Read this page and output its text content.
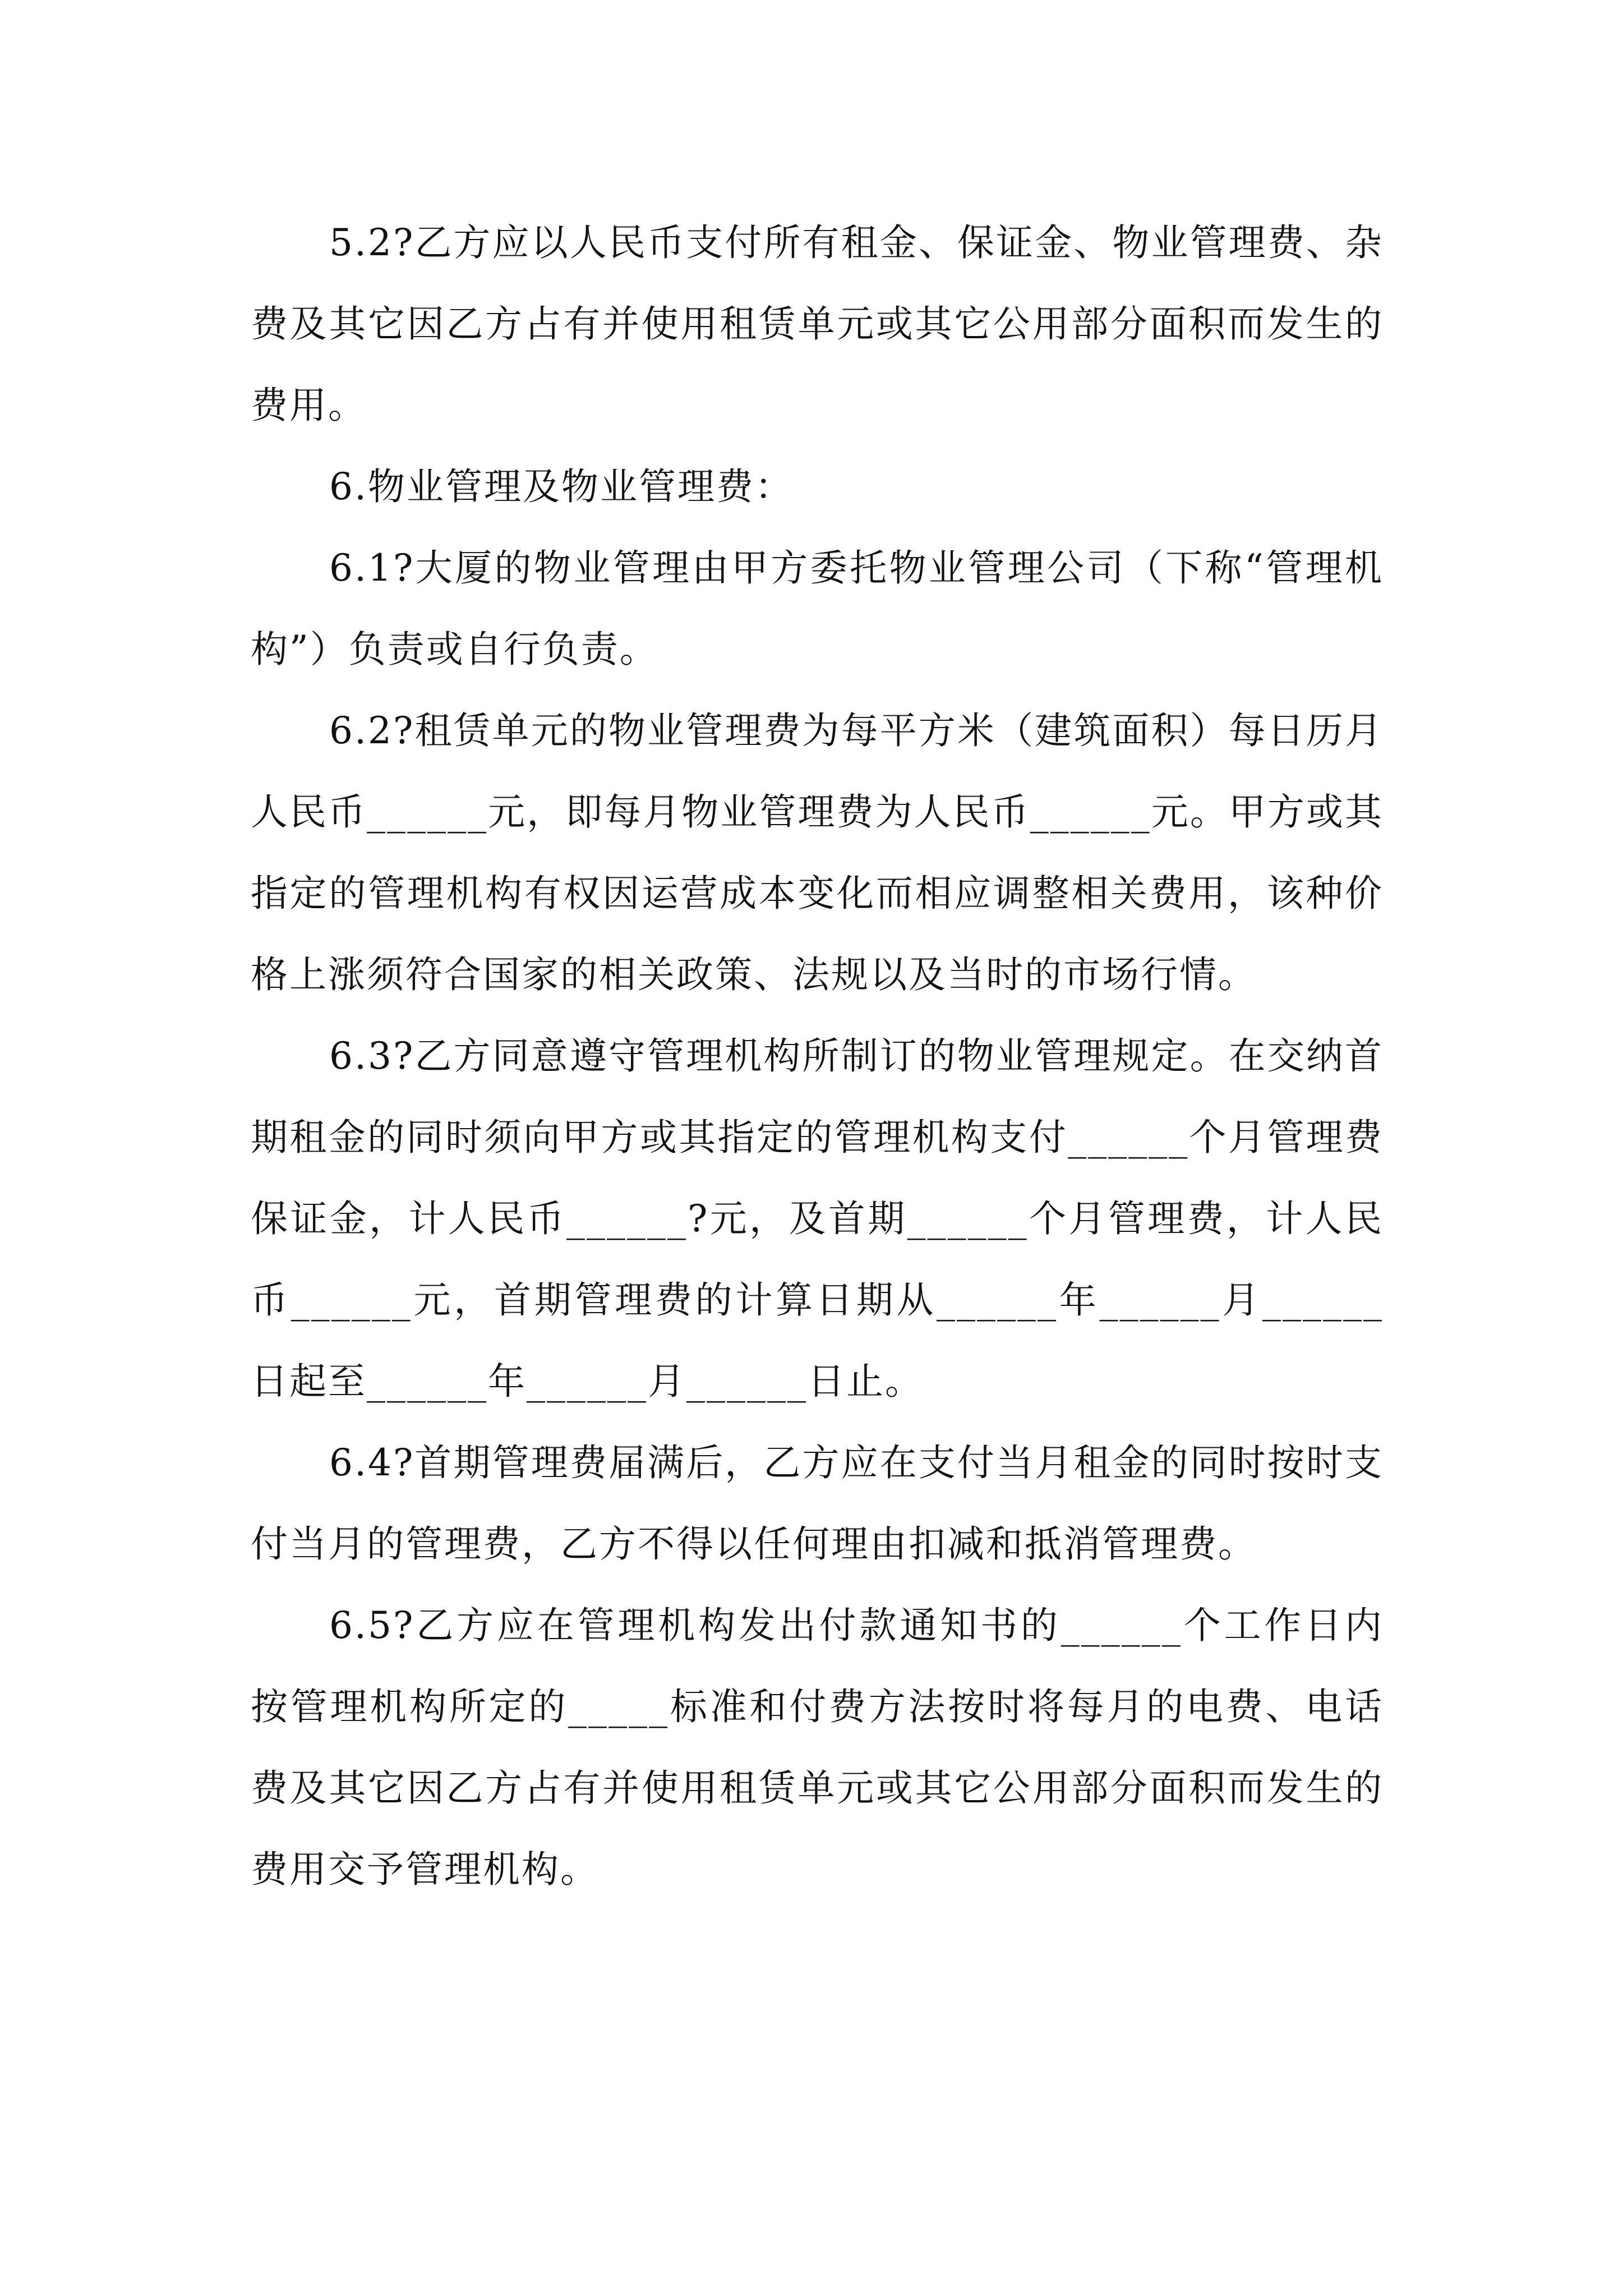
5.2?乙方应以人民币支付所有租金、保证金、物业管理费、杂费及其它因乙方占有并使用租赁单元或其它公用部分面积而发生的费用。

6.物业管理及物业管理费：

6.1?大厦的物业管理由甲方委托物业管理公司（下称“管理机构”）负责或自行负责。

6.2?租赁单元的物业管理费为每平方米（建筑面积）每日历月人民币______元，即每月物业管理费为人民币______元。甲方或其指定的管理机构有权因运营成本变化而相应调整相关费用，该种价格上涨须符合国家的相关政策、法规以及当时的市场行情。

6.3?乙方同意遵守管理机构所制订的物业管理规定。在交纳首期租金的同时须向甲方或其指定的管理机构支付______个月管理费保证金，计人民币______?元，及首期______个月管理费，计人民币______元，首期管理费的计算日期从______年______月______日起至______年______月______日止。

6.4?首期管理费届满后，乙方应在支付当月租金的同时按时支付当月的管理费，乙方不得以任何理由扣减和抵消管理费。

6.5?乙方应在管理机构发出付款通知书的______个工作日内按管理机构所定的_____标准和付费方法按时将每月的电费、电话费及其它因乙方占有并使用租赁单元或其它公用部分面积而发生的费用交予管理机构。
